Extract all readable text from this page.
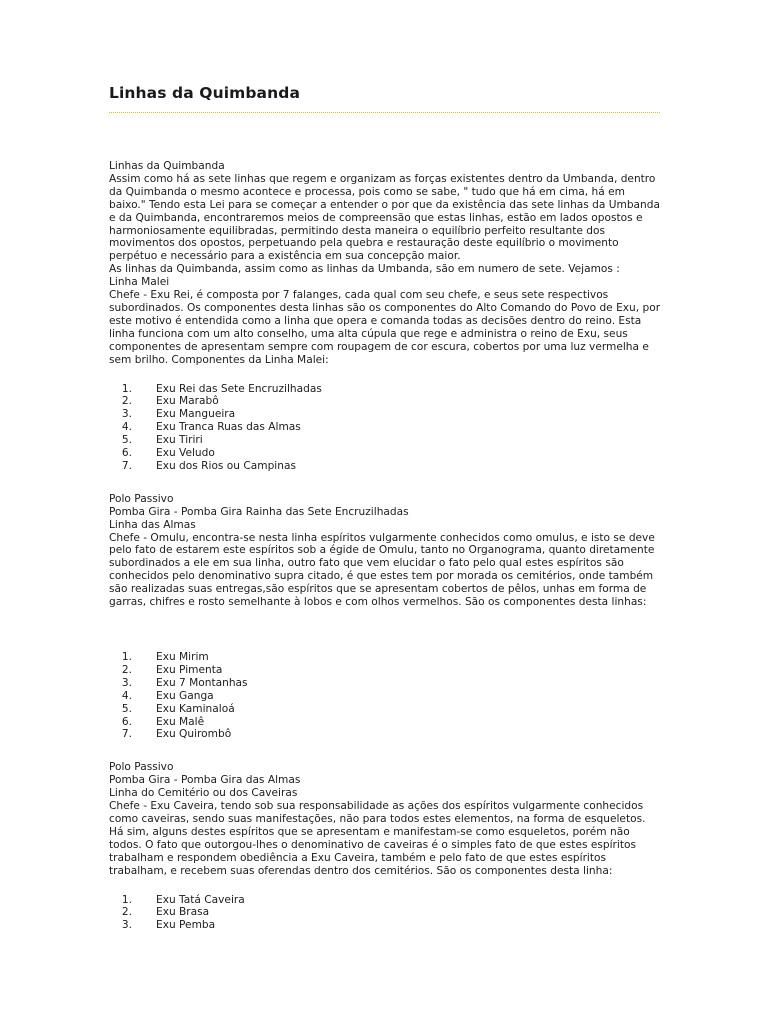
Linhas da Quimbanda

Linhas da Quimbanda

Assim como há as sete linhas que regem e organizam as forças existentes dentro da Umbanda, dentro da Quimbanda o mesmo acontece e processa, pois como se sabe, " tudo que há em cima, há em baixo." Tendo esta Lei para se começar a entender o por que da existência das sete linhas da Umbanda e da Quimbanda, encontraremos meios de compreensão que estas linhas, estão em lados opostos e harmoniosamente equilibradas, permitindo desta maneira o equilíbrio perfeito resultante dos movimentos dos opostos, perpetuando pela quebra e restauração deste equilíbrio o movimento perpétuo e necessário para a existência em sua concepção maior.

As linhas da Quimbanda, assim como as linhas da Umbanda, são em numero de sete. Vejamos :

Linha Malei

Chefe - Exu Rei, é composta por 7 falanges, cada qual com seu chefe, e seus sete respectivos subordinados. Os componentes desta linhas são os componentes do Alto Comando do Povo de Exu, por este motivo é entendida como a linha que opera e comanda todas as decisões dentro do reino. Esta linha funciona com um alto conselho, uma alta cúpula que rege e administra o reino de Exu, seus componentes de apresentam sempre com roupagem de cor escura, cobertos por uma luz vermelha e sem brilho. Componentes da Linha Malei:

1. Exu Rei das Sete Encruzilhadas
2. Exu Marabô
3. Exu Mangueira
4. Exu Tranca Ruas das Almas
5. Exu Tiriri
6. Exu Veludo
7. Exu dos Rios ou Campinas

Polo Passivo

Pomba Gira - Pomba Gira Rainha das Sete Encruzilhadas

Linha das Almas

Chefe - Omulu, encontra-se nesta linha espíritos vulgarmente conhecidos como omulus, e isto se deve pelo fato de estarem este espíritos sob a égide de Omulu, tanto no Organograma, quanto diretamente subordinados a ele em sua linha, outro fato que vem elucidar o fato pelo qual estes espíritos são conhecidos pelo denominativo supra citado, é que estes tem por morada os cemitérios, onde também são realizadas suas entregas,são espíritos que se apresentam cobertos de pêlos, unhas em forma de garras, chifres e rosto semelhante à lobos e com olhos vermelhos. São os componentes desta linhas:

1. Exu Mirim
2. Exu Pimenta
3. Exu 7 Montanhas
4. Exu Ganga
5. Exu Kaminaloá
6. Exu Malê
7. Exu Quirombô

Polo Passivo

Pomba Gira - Pomba Gira das Almas

Linha do Cemitério ou dos Caveiras

Chefe - Exu Caveira, tendo sob sua responsabilidade as ações dos espíritos vulgarmente conhecidos como caveiras, sendo suas manifestações, não para todos estes elementos, na forma de esqueletos. Há sim, alguns destes espíritos que se apresentam e manifestam-se como esqueletos, porém não todos. O fato que outorgou-lhes o denominativo de caveiras é o simples fato de que estes espíritos trabalham e respondem obediência a Exu Caveira, também e pelo fato de que estes espíritos trabalham, e recebem suas oferendas dentro dos cemitérios. São os componentes desta linha:

1. Exu Tatá Caveira
2. Exu Brasa
3. Exu Pemba
